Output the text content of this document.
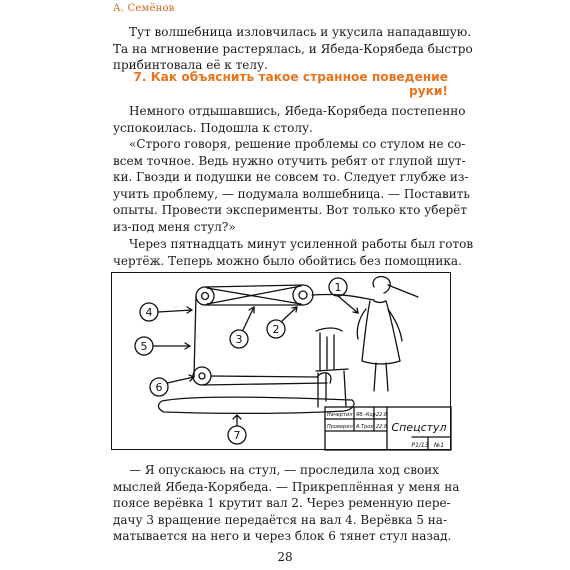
А. Семёнов
Тут волшебница изловчилась и укусила нападавшую.
Та на мгновение растерялась, и Ябеда-Корябеда быстро
прибинтовала её к телу.
7. Как объяснить такое странное поведение руки!
Немного отдышавшись, Ябеда-Корябеда постепенно
успокоилась. Подошла к столу.
«Строго говоря, решение проблемы со стулом не со-
всем точное. Ведь нужно отучить ребят от глупой шут-
ки. Гвозди и подушки не совсем то. Следует глубже из-
учить проблему, — подумала волшебница. — Поставить
опыты. Провести эксперименты. Вот только кто уберёт
из-под меня стул?»
Через пятнадцать минут усиленной работы был готов
чертёж. Теперь можно было обойтись без помощника.
1
2
3
4
5
6
7
Начертил Яб.-Кор.
22.8
Проверил А.Трох. 22.8 Спецстул
Р1/13 №1
— Я опускаюсь на стул, — проследила ход своих
мыслей Ябеда-Корябеда. — Прикреплённая у меня на
поясе верёвка 1 крутит вал 2. Через ременную пере-
дачу 3 вращение передаётся на вал 4. Верёвка 5 на-
матывается на него и через блок 6 тянет стул назад.
28
